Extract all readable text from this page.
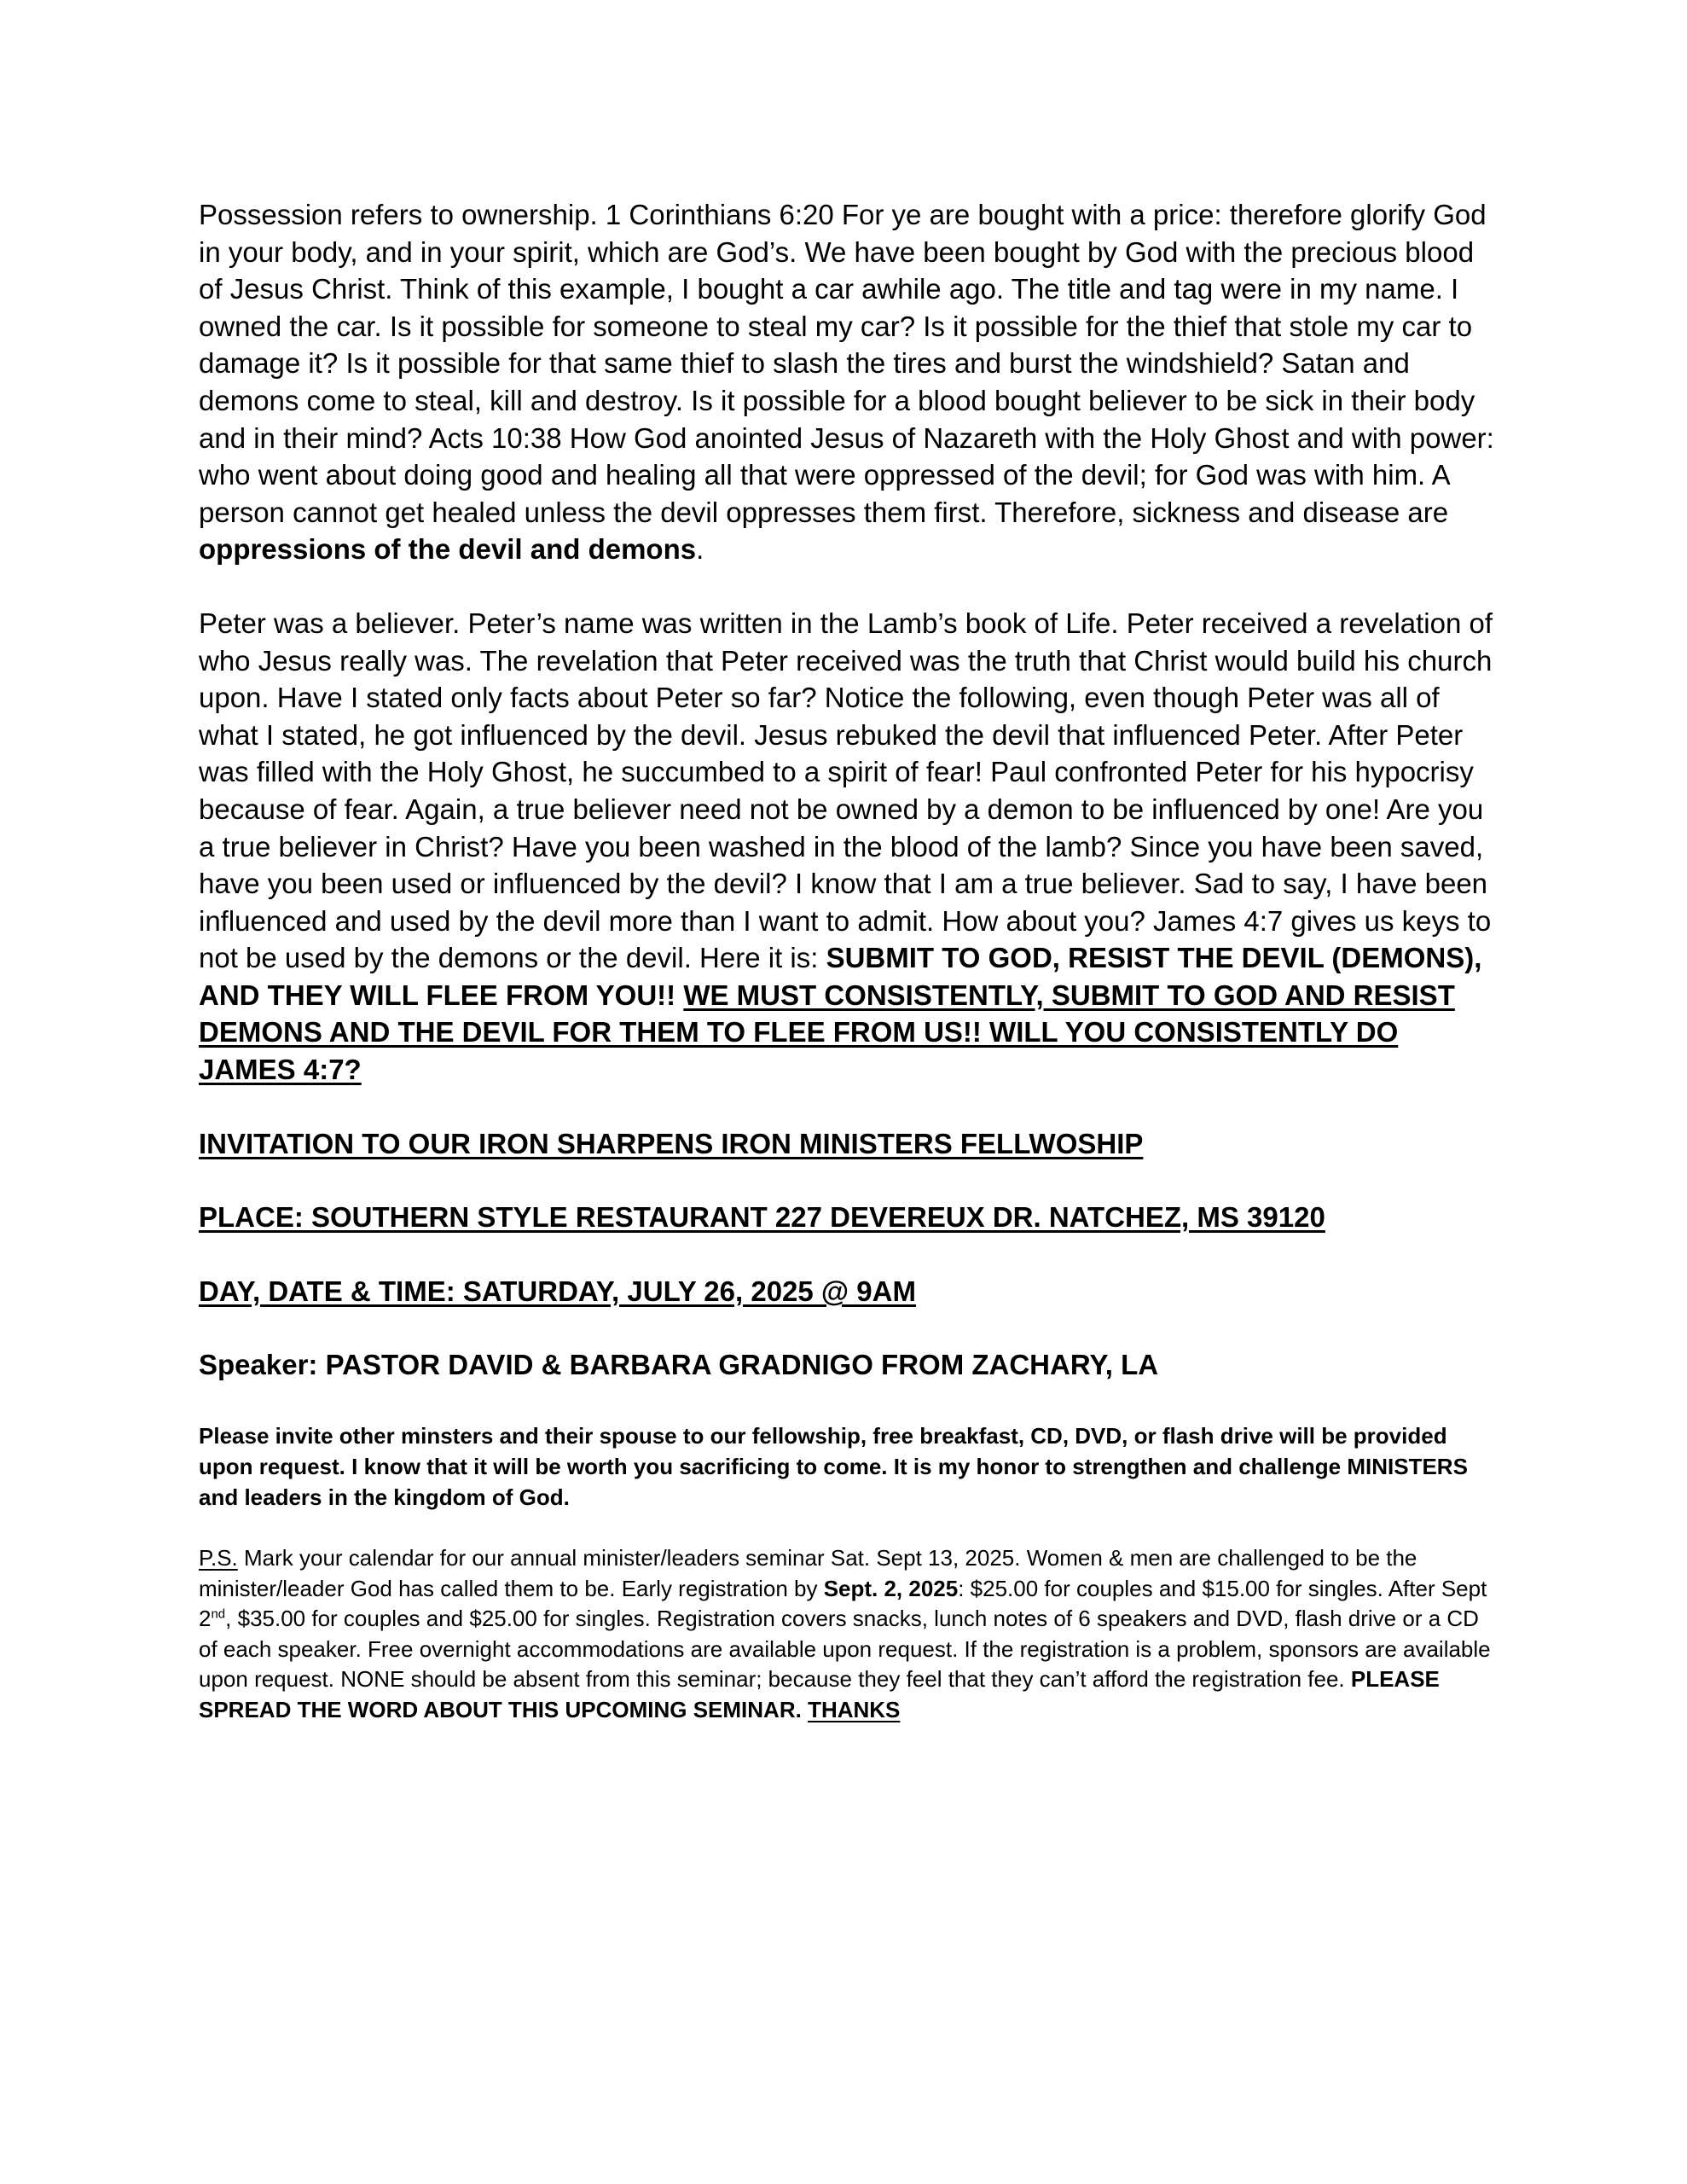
Possession refers to ownership. 1 Corinthians 6:20 For ye are bought with a price: therefore glorify God in your body, and in your spirit, which are God’s. We have been bought by God with the precious blood of Jesus Christ. Think of this example, I bought a car awhile ago. The title and tag were in my name. I owned the car. Is it possible for someone to steal my car? Is it possible for the thief that stole my car to damage it? Is it possible for that same thief to slash the tires and burst the windshield? Satan and demons come to steal, kill and destroy. Is it possible for a blood bought believer to be sick in their body and in their mind? Acts 10:38 How God anointed Jesus of Nazareth with the Holy Ghost and with power: who went about doing good and healing all that were oppressed of the devil; for God was with him. A person cannot get healed unless the devil oppresses them first. Therefore, sickness and disease are oppressions of the devil and demons.

Peter was a believer. Peter’s name was written in the Lamb’s book of Life. Peter received a revelation of who Jesus really was. The revelation that Peter received was the truth that Christ would build his church upon. Have I stated only facts about Peter so far? Notice the following, even though Peter was all of what I stated, he got influenced by the devil. Jesus rebuked the devil that influenced Peter. After Peter was filled with the Holy Ghost, he succumbed to a spirit of fear! Paul confronted Peter for his hypocrisy because of fear. Again, a true believer need not be owned by a demon to be influenced by one! Are you a true believer in Christ? Have you been washed in the blood of the lamb? Since you have been saved, have you been used or influenced by the devil? I know that I am a true believer. Sad to say, I have been influenced and used by the devil more than I want to admit. How about you? James 4:7 gives us keys to not be used by the demons or the devil. Here it is: SUBMIT TO GOD, RESIST THE DEVIL (DEMONS), AND THEY WILL FLEE FROM YOU!! WE MUST CONSISTENTLY, SUBMIT TO GOD AND RESIST DEMONS AND THE DEVIL FOR THEM TO FLEE FROM US!! WILL YOU CONSISTENTLY DO JAMES 4:7?

INVITATION TO OUR IRON SHARPENS IRON MINISTERS FELLWOSHIP

PLACE: SOUTHERN STYLE RESTAURANT 227 DEVEREUX DR. NATCHEZ, MS 39120

DAY, DATE & TIME: SATURDAY, JULY 26, 2025 @ 9AM

Speaker: PASTOR DAVID & BARBARA GRADNIGO FROM ZACHARY, LA

Please invite other minsters and their spouse to our fellowship, free breakfast, CD, DVD, or flash drive will be provided upon request. I know that it will be worth you sacrificing to come. It is my honor to strengthen and challenge MINISTERS and leaders in the kingdom of God.

P.S. Mark your calendar for our annual minister/leaders seminar Sat. Sept 13, 2025. Women & men are challenged to be the minister/leader God has called them to be. Early registration by Sept. 2, 2025: $25.00 for couples and $15.00 for singles. After Sept 2nd, $35.00 for couples and $25.00 for singles. Registration covers snacks, lunch notes of 6 speakers and DVD, flash drive or a CD of each speaker. Free overnight accommodations are available upon request. If the registration is a problem, sponsors are available upon request. NONE should be absent from this seminar; because they feel that they can’t afford the registration fee. PLEASE SPREAD THE WORD ABOUT THIS UPCOMING SEMINAR. THANKS
